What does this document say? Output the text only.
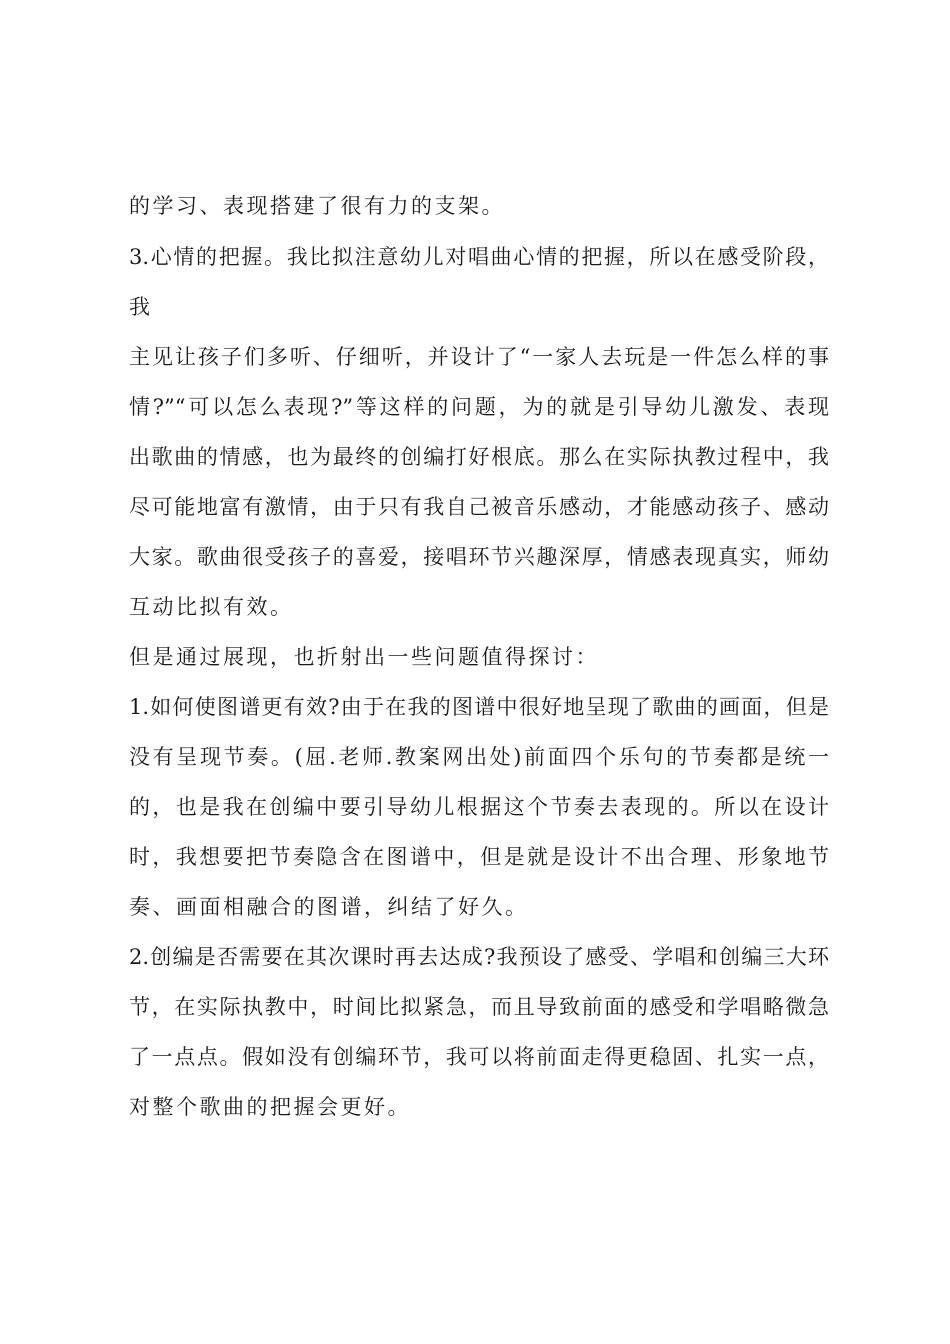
的学习、表现搭建了很有力的支架。
3.心情的把握。我比拟注意幼儿对唱曲心情的把握，所以在感受阶段，
我
主见让孩子们多听、仔细听，并设计了“一家人去玩是一件怎么样的事
情?”“可以怎么表现?”等这样的问题，为的就是引导幼儿激发、表现
出歌曲的情感，也为最终的创编打好根底。那么在实际执教过程中，我
尽可能地富有激情，由于只有我自己被音乐感动，才能感动孩子、感动
大家。歌曲很受孩子的喜爱，接唱环节兴趣深厚，情感表现真实，师幼
互动比拟有效。
但是通过展现，也折射出一些问题值得探讨：
1.如何使图谱更有效?由于在我的图谱中很好地呈现了歌曲的画面，但是
没有呈现节奏。(屈.老师.教案网出处)前面四个乐句的节奏都是统一
的，也是我在创编中要引导幼儿根据这个节奏去表现的。所以在设计
时，我想要把节奏隐含在图谱中，但是就是设计不出合理、形象地节
奏、画面相融合的图谱，纠结了好久。
2.创编是否需要在其次课时再去达成?我预设了感受、学唱和创编三大环
节，在实际执教中，时间比拟紧急，而且导致前面的感受和学唱略微急
了一点点。假如没有创编环节，我可以将前面走得更稳固、扎实一点，
对整个歌曲的把握会更好。
